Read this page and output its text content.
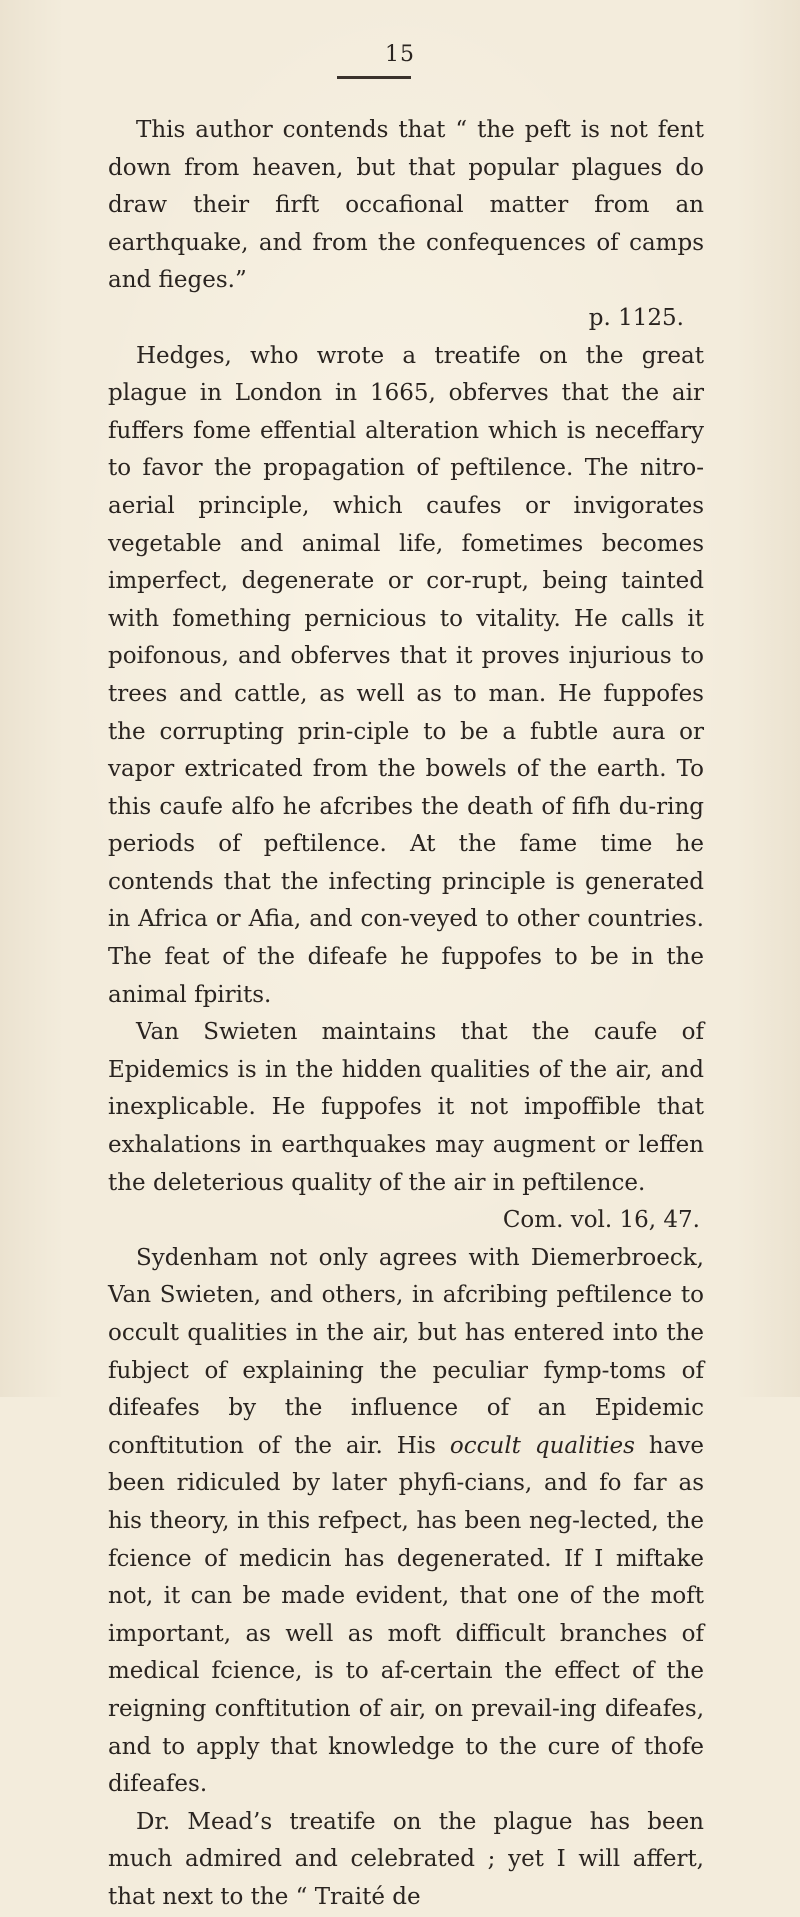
15

This author contends that “ the peft is not fent down from heaven, but that popular plagues do draw their firft occafional matter from an earthquake, and from the confequences of camps and fieges.”

p. 1125.

Hedges, who wrote a treatife on the great plague in London in 1665, obferves that the air fuffers fome effential alteration which is neceffary to favor the propagation of peftilence. The nitro-aerial principle, which caufes or invigorates vegetable and animal life, fometimes becomes imperfect, degenerate or cor-rupt, being tainted with fomething pernicious to vitality. He calls it poifonous, and obferves that it proves injurious to trees and cattle, as well as to man. He fuppofes the corrupting prin-ciple to be a fubtle aura or vapor extricated from the bowels of the earth. To this caufe alfo he afcribes the death of fifh du-ring periods of peftilence. At the fame time he contends that the infecting principle is generated in Africa or Afia, and con-veyed to other countries. The feat of the difeafe he fuppofes to be in the animal fpirits.

Van Swieten maintains that the caufe of Epidemics is in the hidden qualities of the air, and inexplicable. He fuppofes it not impoffible that exhalations in earthquakes may augment or leffen the deleterious quality of the air in peftilence.

Com. vol. 16, 47.

Sydenham not only agrees with Diemerbroeck, Van Swieten, and others, in afcribing peftilence to occult qualities in the air, but has entered into the fubject of explaining the peculiar fymp-toms of difeafes by the influence of an Epidemic conftitution of the air. His occult qualities have been ridiculed by later phyfi-cians, and fo far as his theory, in this refpect, has been neg-lected, the fcience of medicin has degenerated. If I miftake not, it can be made evident, that one of the moft important, as well as moft difficult branches of medical fcience, is to af-certain the effect of the reigning conftitution of air, on prevail-ing difeafes, and to apply that knowledge to the cure of thofe difeafes.

Dr. Mead’s treatife on the plague has been much admired and celebrated ; yet I will affert, that next to the “ Traité de
